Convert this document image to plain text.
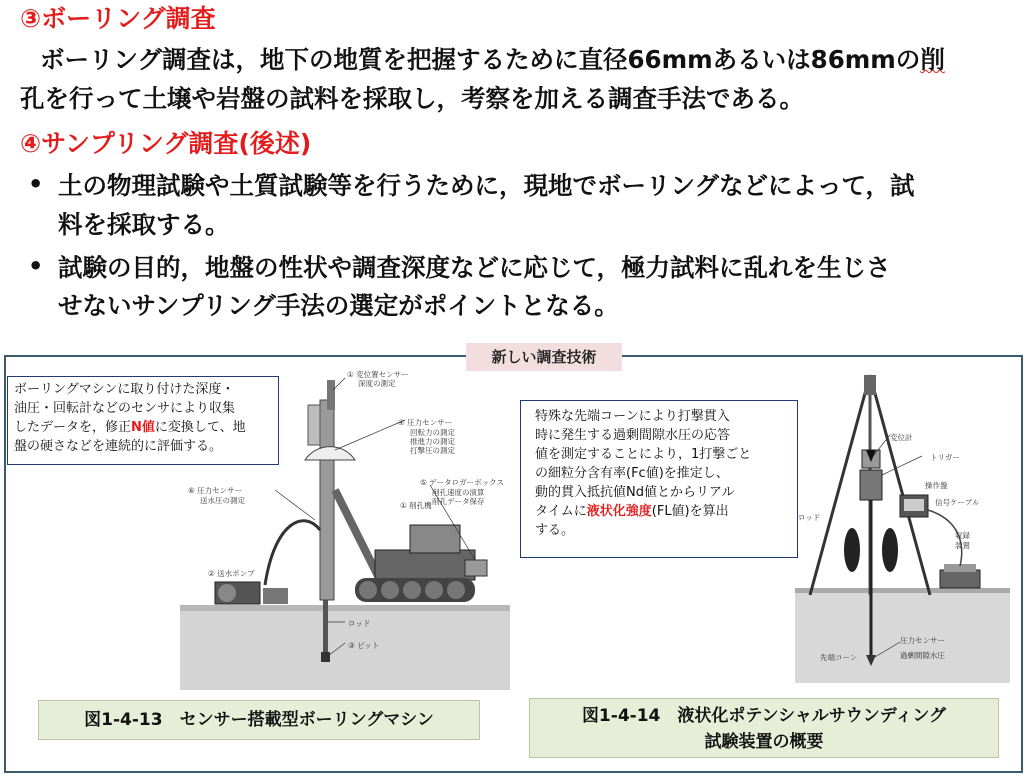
③ボーリング調査
ボーリング調査は，地下の地質を把握するために直径66mmあるいは86mmの削
孔を行って土壌や岩盤の試料を採取し，考察を加える調査手法である。
④サンプリング調査(後述)
• 土の物理試験や土質試験等を行うために，現地でボーリングなどによって，試
料を採取する。
• 試験の目的，地盤の性状や調査深度などに応じて，極力試料に乱れを生じさ
せないサンプリング手法の選定がポイントとなる。
新しい調査技術
① 変位置センサー
深度の測定
④ 圧力センサー
回転力の測定
推進力の測定
打撃圧の測定
⑤ データロガーボックス
削孔速度の演算
削孔データ保存
① 削孔機
⑥ 圧力センサー
送水圧の測定
② 送水ポンプ
ロッド
③ ビット
ボーリングマシンに取り付けた深度・
油圧・回転計などのセンサにより収集
したデータを，修正N値に変換して、地
盤の硬さなどを連続的に評価する。
変位計
トリガー
操作盤
信号ケーブル
収録
装置
ロッド
圧力センサー
先端コーン	過剰間隙水圧
特殊な先端コーンにより打撃貫入
時に発生する過剰間隙水圧の応答
値を測定することにより，1打撃ごと
の細粒分含有率(Fc値)を推定し、
動的貫入抵抗値Nd値とからリアル
タイムに液状化強度(FL値)を算出
する。
図1-4-13　センサー搭載型ボーリングマシン	図1-4-14　液状化ポテンシャルサウンディング
試験装置の概要
